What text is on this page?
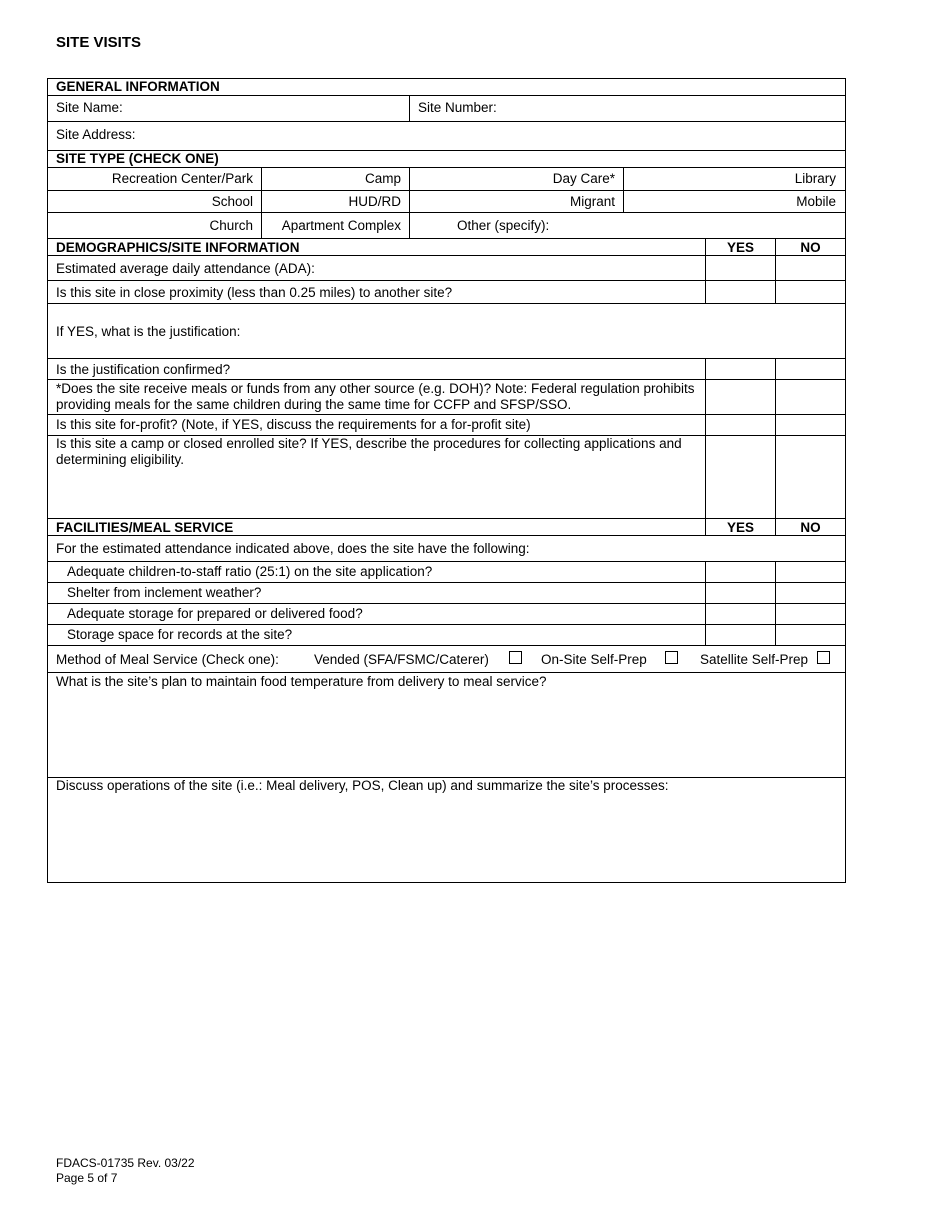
SITE VISITS
GENERAL INFORMATION
Site Name:	Site Number:
Site Address:
SITE TYPE (CHECK ONE)
Recreation Center/Park	Camp	Day Care*	Library
School	HUD/RD	Migrant	Mobile
Church	Apartment Complex	Other (specify):
DEMOGRAPHICS/SITE INFORMATION	YES	NO
Estimated average daily attendance (ADA):
Is this site in close proximity (less than 0.25 miles) to another site?
If YES, what is the justification:
Is the justification confirmed?
*Does the site receive meals or funds from any other source (e.g. DOH)? Note: Federal regulation prohibits providing meals for the same children during the same time for CCFP and SFSP/SSO.
Is this site for-profit? (Note, if YES, discuss the requirements for a for-profit site)
Is this site a camp or closed enrolled site? If YES, describe the procedures for collecting applications and determining eligibility.
FACILITIES/MEAL SERVICE	YES	NO
For the estimated attendance indicated above, does the site have the following:
Adequate children-to-staff ratio (25:1) on the site application?
Shelter from inclement weather?
Adequate storage for prepared or delivered food?
Storage space for records at the site?
Method of Meal Service (Check one):	Vended (SFA/FSMC/Caterer)	On-Site Self-Prep	Satellite Self-Prep
What is the site’s plan to maintain food temperature from delivery to meal service?
Discuss operations of the site (i.e.: Meal delivery, POS, Clean up) and summarize the site’s processes:
FDACS-01735 Rev. 03/22
Page 5 of 7
